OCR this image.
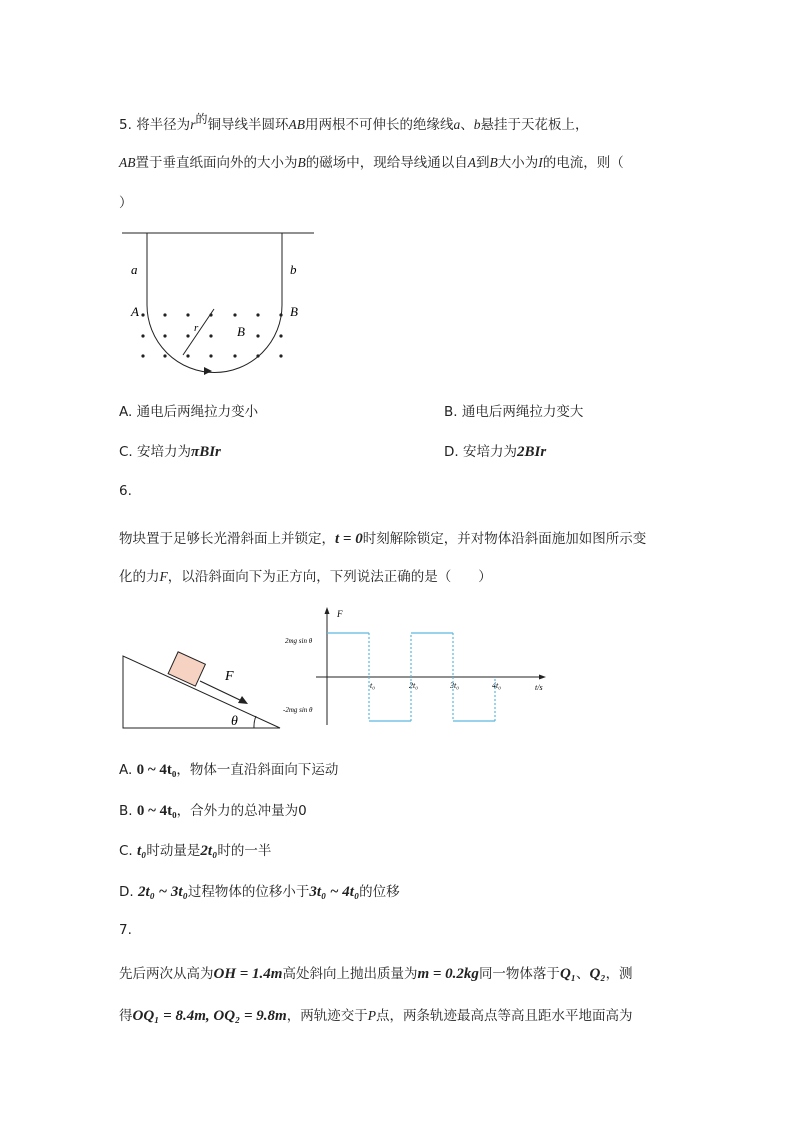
5. 将半径为r的铜导线半圆环AB用两根不可伸长的绝缘线a、b悬挂于天花板上，
AB置于垂直纸面向外的大小为B的磁场中，现给导线通以自A到B大小为I的电流，则（
）
a	b
A	B
r	B
A. 通电后两绳拉力变小	B. 通电后两绳拉力变大
C. 安培力为πBIr	D. 安培力为2BIr
6.
物块置于足够长光滑斜面上并锁定，t = 0时刻解除锁定，并对物体沿斜面施加如图所示变
化的力F，以沿斜面向下为正方向，下列说法正确的是（　　）
F
θ
F
2mg sin θ
-2mg sin θ
t/s
t₀	2t₀	3t₀	4t₀
A. 0 ~ 4t₀，物体一直沿斜面向下运动
B. 0 ~ 4t₀，合外力的总冲量为0
C. t₀时动量是2t₀时的一半
D. 2t₀ ~ 3t₀过程物体的位移小于3t₀ ~ 4t₀的位移
7.
先后两次从高为OH = 1.4m高处斜向上抛出质量为m = 0.2kg同一物体落于Q₁、Q₂，测
得OQ₁ = 8.4m, OQ₂ = 9.8m，两轨迹交于P点，两条轨迹最高点等高且距水平地面高为
